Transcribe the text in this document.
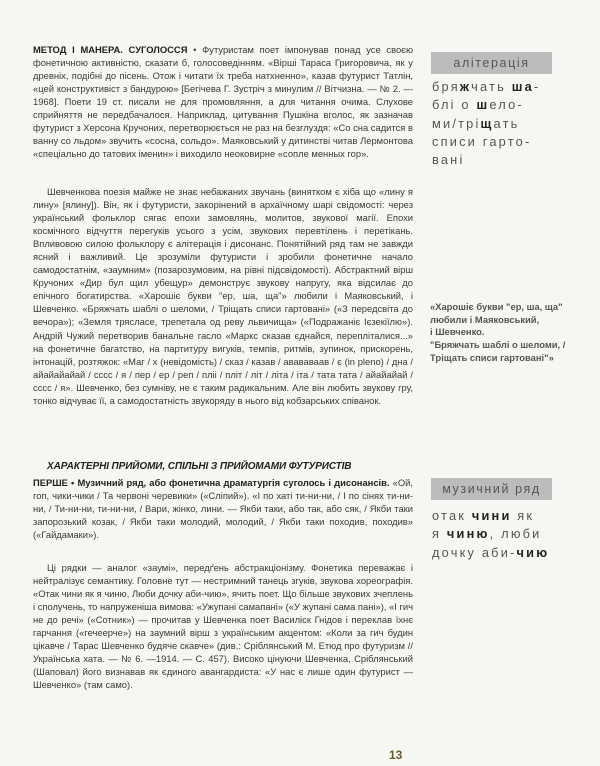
МЕТОД І МАНЕРА. СУГОЛОССЯ • Футуристам поет імпонував понад усе своєю фонетичною активністю, сказати б, голосоведінням. «Вірші Тараса Григоровича, як у древніх, подібні до пісень. Отож і читати їх треба натхненно», казав футурист Татлін, «цей конструктивіст з бандурою» [Бегічева Г. Зустріч з минулим // Вітчизна. — № 2. — 1968]. Поети 19 ст. писали не для промовляння, а для читання очима. Слухове сприйняття не передбачалося. Наприклад, цитування Пушкіна вголос, як зазначав футурист з Херсона Кручоних, перетворюється не раз на безглуздя: «Со сна садится в ванну со льдом» звучить «сосна, сольдо». Маяковський у дитинстві читав Лермонтова «спеціально до татових іменин» і виходило неоковирне «сопле менных гор».

Шевченкова поезія майже не знає небажаних звучань (винятком є хіба що «лину я лину» [ялину]). Він, як і футуристи, закорінений в архаїчному шарі свідомості: через український фольклор сягає епохи замовлянь, молитов, звукової магії. Епохи космічного відчуття перегуків усього з усім, звукових перевтілень і перетікань. Впливовою силою фольклору є алітерація і дисонанс. Понятійний ряд там не завжди ясний і важливий. Це зрозуміли футуристи і зробили фонетичне начало самодостатнім, «заумним» (позарозумовим, на рівні підсвідомості). Абстрактний вірш Кручоних «Дир бул щил убещур» демонструє звукову напругу, яка відсилає до епічного богатирства. «Харошіє букви "ер, ша, ща"» любили і Маяковський, і Шевченко. «Бряжчать шаблі о шеломи, / Тріщать списи гартовані» («З передсвіта до вечора»); «Земля трясласе, трепетала од реву львичища» («Подражаніє Ієзекіїлю»). Андрій Чужий перетворив банальне гасло «Маркс сказав єднайся, перепліталися...» на фонетичне багатство, на партитуру вигуків, темпів, ритмів, зупинок, прискорень, інтонацій, розтяжок: «Маг / х (невідомість) / сказ / казав / авававаав / є (in pleno) / дна / айайайайай / сссс / я / пер / ер / реп / пліі / пліт / літ / літа / іта / тата тата / айайайай / сссс / я». Шевченко, без сумніву, не є таким радикальним. Але він любить звукову гру, тонко відчуває її, а самодостатність звукоряду в нього від кобзарських співанок.

ХАРАКТЕРНІ ПРИЙОМИ, СПІЛЬНІ З ПРИЙОМАМИ ФУТУРИСТІВ

ПЕРШЕ • Музичний ряд, або фонетична драматургія суголось і дисонансів. «Ой, гоп, чики-чики / Та червоні черевики» («Сліпий»). «І по хаті ти-ни-ни, / І по сінях ти-ни-ни, / Ти-ни-ни, ти-ни-ни, / Вари, жінко, лини. — Якби таки, або так, або сяк, / Якби таки запорозький козак, / Якби таки молодий, молодий, / Якби таки походив, походив» («Гайдамаки»).

Ці рядки — аналог «заумі», передґень абстракціонізму. Фонетика переважає і нейтралізує семантику. Головне тут — нестримний танець згуків, звукова хореографія. «Отак чини як я чиню, Люби дочку аби-чию», ячить поет. Що більше звукових зчеплень і сполучень, то напруженіша вимова: «Ужупані самапані» («У жупані сама пані»), «І гич не до речі» («Сотник») — прочитав у Шевченка поет Василіск Гнідов і переклав їхнє гарчання («гечеерче») на заумний вірш з українським акцентом: «Коли за гич будин цікавче / Тарас Шевченко будяче скавче» (див.: Сріблянський М. Етюд про футуризм // Українська хата. — № 6. —1914. — С. 457). Високо цінуючи Шевченка, Сріблянський (Шаповал) його визнавав як єдиного авангардиста: «У нас є лише один футурист — Шевченко» (там само).

алітерація
бряжчать ша-
блі о шело-
ми/тріщать
списи гарто-
вані
«Харошіє букви "ер, ша, ща"
любили і Маяковський,
і Шевченко.
"Бряжчать шаблі о шеломи, /
Тріщать списи гартовані"»
музичний ряд
отак чини як
я чиню, люби
дочку аби-чию
13
